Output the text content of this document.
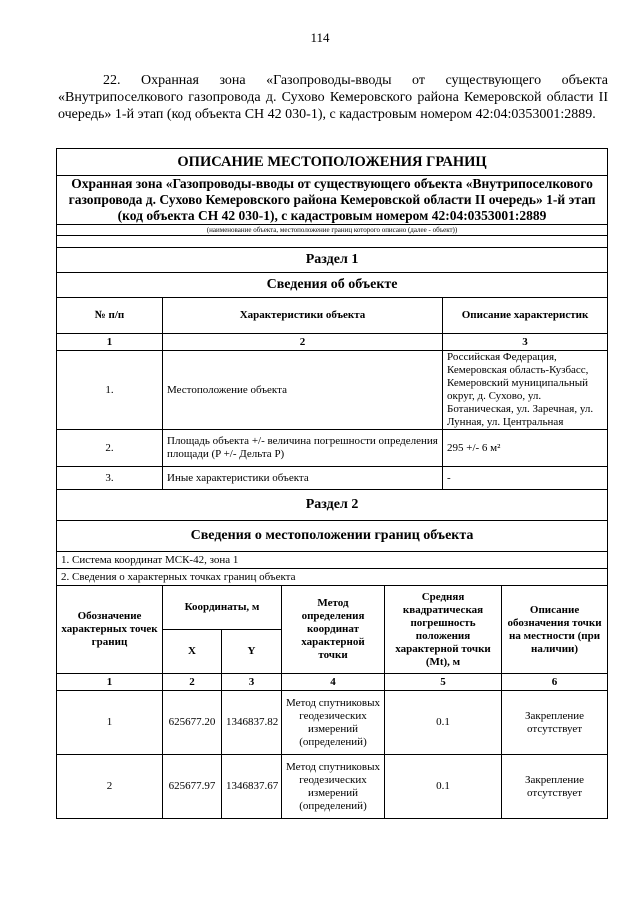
114
22. Охранная зона «Газопроводы-вводы от существующего объекта «Внутрипоселкового газопровода д. Сухово Кемеровского района Кемеровской области II очередь» 1-й этап (код объекта СН 42 030-1), с кадастровым номером 42:04:0353001:2889.
ОПИСАНИЕ МЕСТОПОЛОЖЕНИЯ ГРАНИЦ						
Охранная зона «Газопроводы-вводы от существующего объекта «Внутрипоселкового газопровода д. Сухово Кемеровского района Кемеровской области II очередь» 1-й этап (код объекта СН 42 030-1), с кадастровым номером 42:04:0353001:2889						
(наименование объекта, местоположение границ которого описано (далее - объект))						

Раздел 1						
Сведения об объекте						
№ п/п	Характеристики объекта				Описание характеристик	
1	2				3	
1.	Местоположение объекта				Российская Федерация, Кемеровская область-Кузбасс, Кемеровский муниципальный округ, д. Сухово, ул. Ботаническая, ул. Заречная, ул. Лунная, ул. Центральная	
2.	Площадь объекта +/- величина погрешности определения площади (P +/- Дельта P)				295 +/- 6 м²	
3.	Иные характеристики объекта				-	
Раздел 2						
Сведения о местоположении границ объекта						
1. Система координат МСК-42, зона 1						
2. Сведения о характерных точках границ объекта						
Обозначение характерных точек границ	Координаты, м		Метод определения координат характерной точки	Средняя квадратическая погрешность положения характерной точки (Mt), м		Описание обозначения точки на местности (при наличии)
	X	Y				
1	2	3	4	5		6
1	625677.20	1346837.82	Метод спутниковых геодезических измерений (определений)	0.1		Закрепление отсутствует
2	625677.97	1346837.67	Метод спутниковых геодезических измерений (определений)	0.1		Закрепление отсутствует
